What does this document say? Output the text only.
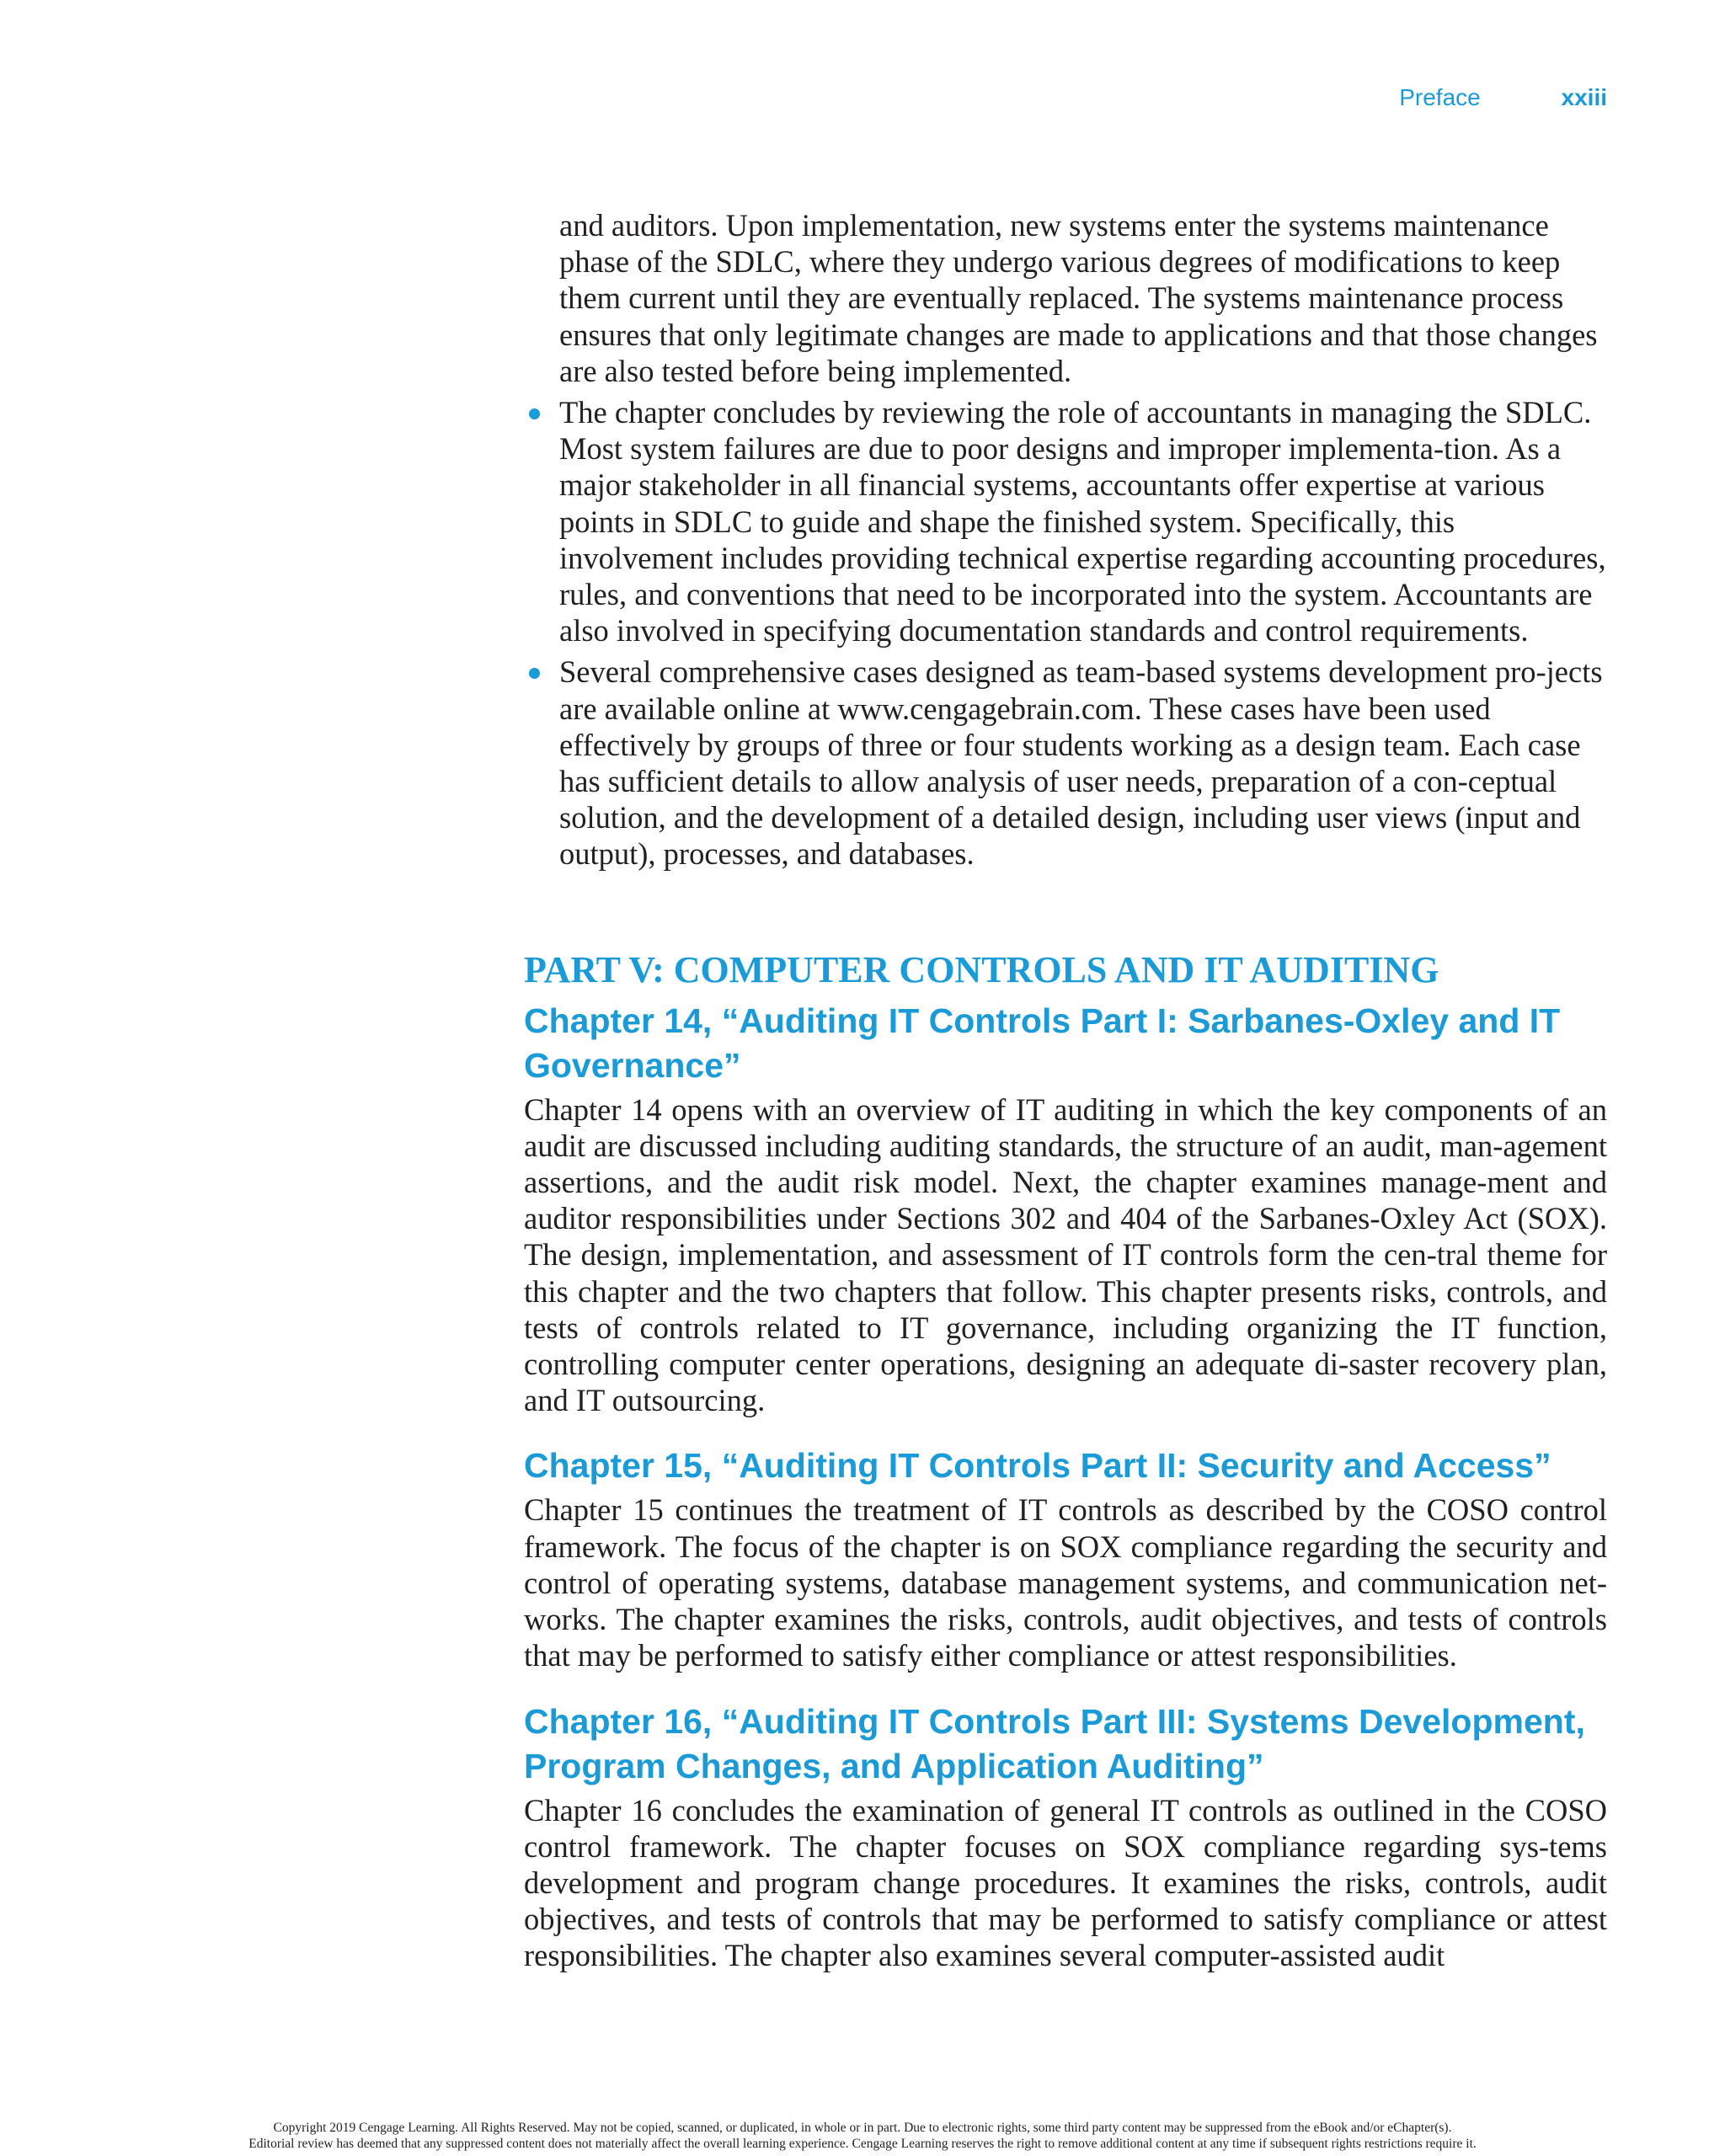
Preface	xxiii

and auditors. Upon implementation, new systems enter the systems maintenance phase of the SDLC, where they undergo various degrees of modifications to keep them current until they are eventually replaced. The systems maintenance process ensures that only legitimate changes are made to applications and that those changes are also tested before being implemented.

The chapter concludes by reviewing the role of accountants in managing the SDLC. Most system failures are due to poor designs and improper implementa-tion. As a major stakeholder in all financial systems, accountants offer expertise at various points in SDLC to guide and shape the finished system. Specifically, this involvement includes providing technical expertise regarding accounting procedures, rules, and conventions that need to be incorporated into the system. Accountants are also involved in specifying documentation standards and control requirements.

Several comprehensive cases designed as team-based systems development pro-jects are available online at www.cengagebrain.com. These cases have been used effectively by groups of three or four students working as a design team. Each case has sufficient details to allow analysis of user needs, preparation of a con-ceptual solution, and the development of a detailed design, including user views (input and output), processes, and databases.

PART V: COMPUTER CONTROLS AND IT AUDITING
Chapter 14, “Auditing IT Controls Part I: Sarbanes-Oxley and IT Governance”

Chapter 14 opens with an overview of IT auditing in which the key components of an audit are discussed including auditing standards, the structure of an audit, man-agement assertions, and the audit risk model. Next, the chapter examines manage-ment and auditor responsibilities under Sections 302 and 404 of the Sarbanes-Oxley Act (SOX). The design, implementation, and assessment of IT controls form the cen-tral theme for this chapter and the two chapters that follow. This chapter presents risks, controls, and tests of controls related to IT governance, including organizing the IT function, controlling computer center operations, designing an adequate di-saster recovery plan, and IT outsourcing.

Chapter 15, “Auditing IT Controls Part II: Security and Access”

Chapter 15 continues the treatment of IT controls as described by the COSO control framework. The focus of the chapter is on SOX compliance regarding the security and control of operating systems, database management systems, and communication net-works. The chapter examines the risks, controls, audit objectives, and tests of controls that may be performed to satisfy either compliance or attest responsibilities.

Chapter 16, “Auditing IT Controls Part III: Systems Development, Program Changes, and Application Auditing”

Chapter 16 concludes the examination of general IT controls as outlined in the COSO control framework. The chapter focuses on SOX compliance regarding sys-tems development and program change procedures. It examines the risks, controls, audit objectives, and tests of controls that may be performed to satisfy compliance or attest responsibilities. The chapter also examines several computer-assisted audit

Copyright 2019 Cengage Learning. All Rights Reserved. May not be copied, scanned, or duplicated, in whole or in part. Due to electronic rights, some third party content may be suppressed from the eBook and/or eChapter(s).
Editorial review has deemed that any suppressed content does not materially affect the overall learning experience. Cengage Learning reserves the right to remove additional content at any time if subsequent rights restrictions require it.
